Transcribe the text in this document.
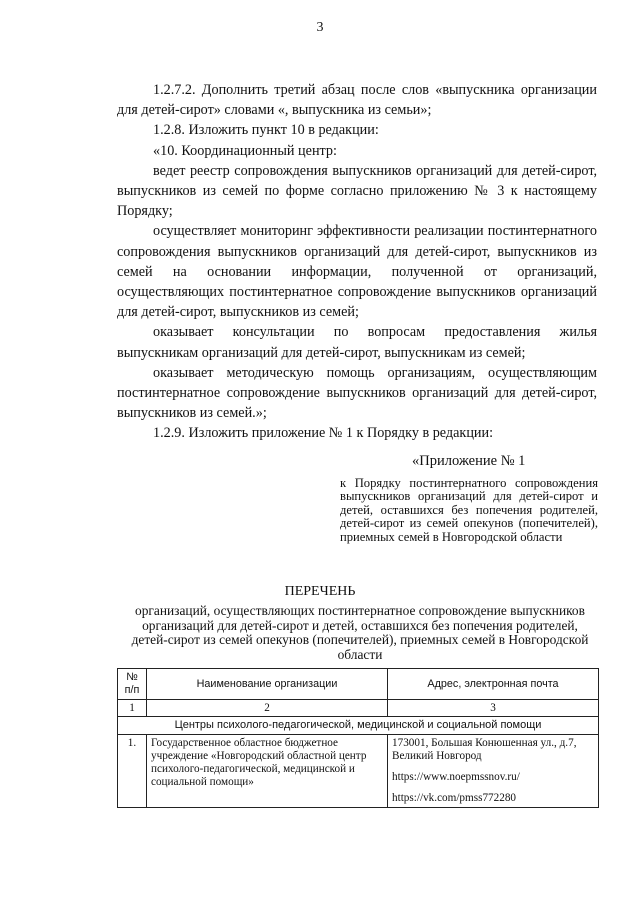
3

1.2.7.2. Дополнить третий абзац после слов «выпускника организации для детей-сирот» словами «, выпускника из семьи»;

1.2.8. Изложить пункт 10 в редакции:

«10. Координационный центр:

ведет реестр сопровождения выпускников организаций для детей-сирот, выпускников из семей по форме согласно приложению № 3 к настоящему Порядку;

осуществляет мониторинг эффективности реализации постинтернатного сопровождения выпускников организаций для детей-сирот, выпускников из семей на основании информации, полученной от организаций, осуществляющих постинтернатное сопровождение выпускников организаций для детей-сирот, выпускников из семей;

оказывает консультации по вопросам предоставления жилья выпускникам организаций для детей-сирот, выпускникам из семей;

оказывает методическую помощь организациям, осуществляющим постинтернатное сопровождение выпускников организаций для детей-сирот, выпускников из семей.»;

1.2.9. Изложить приложение № 1 к Порядку в редакции:

«Приложение № 1

к Порядку постинтернатного сопровождения выпускников организаций для детей-сирот и детей, оставшихся без попечения родителей, детей-сирот из семей опекунов (попечителей), приемных семей в Новгородской области

ПЕРЕЧЕНЬ

организаций, осуществляющих постинтернатное сопровождение выпускников организаций для детей-сирот и детей, оставшихся без попечения родителей, детей-сирот из семей опекунов (попечителей), приемных семей в Новгородской области

№ п/п	Наименование организации	Адрес, электронная почта
1	2	3
Центры психолого-педагогической, медицинской и социальной помощи		
1.	Государственное областное бюджетное учреждение «Новгородский областной центр психолого-педагогической, медицинской и социальной помощи»	173001, Большая Конюшенная ул., д.7, Великий Новгород
https://www.noepmssnov.ru/
https://vk.com/pmss772280
